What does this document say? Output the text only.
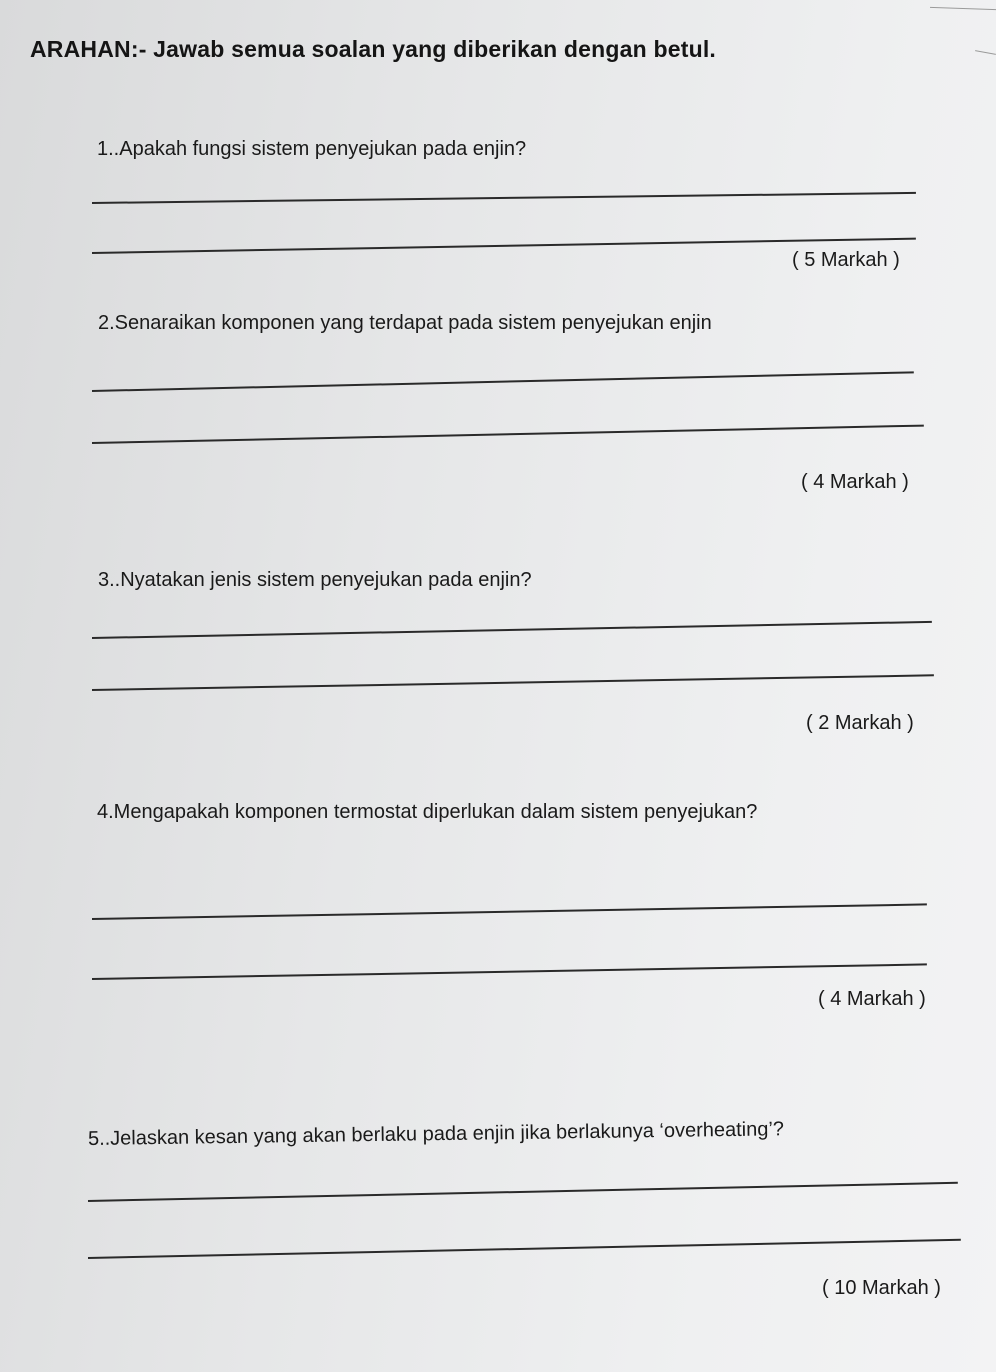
ARAHAN:- Jawab semua soalan yang diberikan dengan betul.
1..Apakah fungsi sistem penyejukan pada enjin?
( 5 Markah )
2.Senaraikan komponen yang terdapat pada sistem penyejukan enjin
( 4 Markah )
3..Nyatakan jenis sistem penyejukan pada enjin?
( 2 Markah )
4.Mengapakah komponen termostat diperlukan dalam sistem penyejukan?
( 4 Markah )
5..Jelaskan kesan yang akan berlaku pada enjin jika berlakunya ‘overheating’?
( 10 Markah )
